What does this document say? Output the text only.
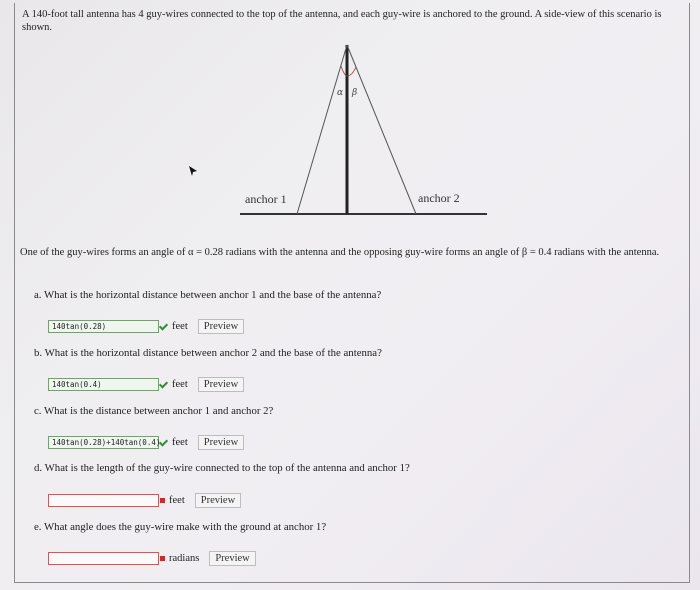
A 140-foot tall antenna has 4 guy-wires connected to the top of the antenna, and each guy-wire is anchored to the ground. A side-view of this scenario is shown.
α β
anchor 1	anchor 2
One of the guy-wires forms an angle of α = 0.28 radians with the antenna and the opposing guy-wire forms an angle of β = 0.4 radians with the antenna.
a. What is the horizontal distance between anchor 1 and the base of the antenna?
140tan(0.28)	feet	Preview
b. What is the horizontal distance between anchor 2 and the base of the antenna?
140tan(0.4)	feet	Preview
c. What is the distance between anchor 1 and anchor 2?
140tan(0.28)+140tan(0.4) feet	Preview
d. What is the length of the guy-wire connected to the top of the antenna and anchor 1?
feet	Preview
e. What angle does the guy-wire make with the ground at anchor 1?
radians	Preview
